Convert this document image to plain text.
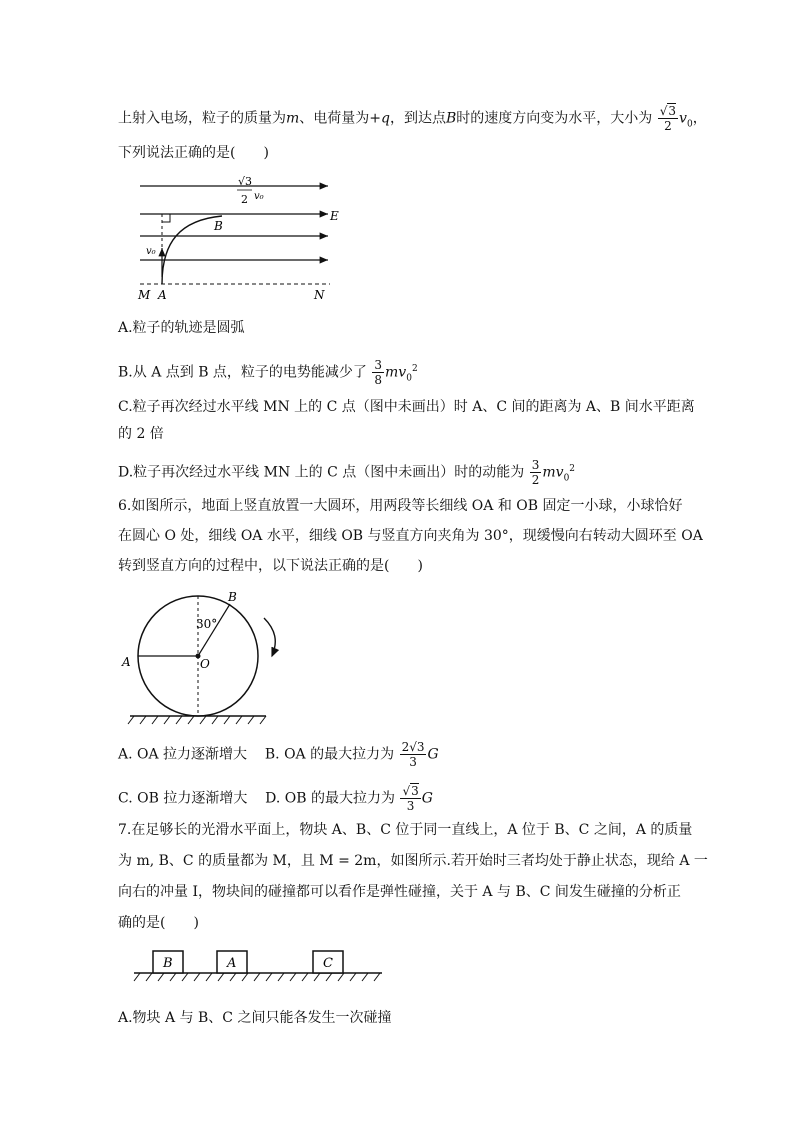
上射入电场，粒子的质量为m、电荷量为+q，到达点B时的速度方向变为水平，大小为 $\frac{√3}{2} v_0$，
下列说法正确的是(　　)
√3
2 v₀
E
B
v₀
M A	N
A.粒子的轨迹是圆弧
B.从 A 点到 B 点，粒子的电势能减少了 $\frac{3}{8} mv_0^2$
C.粒子再次经过水平线 MN 上的 C 点（图中未画出）时 A、C 间的距离为 A、B 间水平距离
的 2 倍
D.粒子再次经过水平线 MN 上的 C 点（图中未画出）时的动能为 $\frac{3}{2} mv_0^2$
6.如图所示，地面上竖直放置一大圆环，用两段等长细线 OA 和 OB 固定一小球，小球恰好
在圆心 O 处，细线 OA 水平，细线 OB 与竖直方向夹角为 30°，现缓慢向右转动大圆环至 OA
转到竖直方向的过程中，以下说法正确的是(　　)
A
B
O
30°
A. OA 拉力逐渐增大 B. OA 的最大拉力为 $\frac{2√3}{3}$ G
C. OB 拉力逐渐增大 D. OB 的最大拉力为 $\frac{√3}{3}$ G
7.在足够长的光滑水平面上，物块 A、B、C 位于同一直线上，A 位于 B、C 之间，A 的质量
为 m, B、C 的质量都为 M，且 M = 2m，如图所示.若开始时三者均处于静止状态，现给 A 一
向右的冲量 I，物块间的碰撞都可以看作是弹性碰撞，关于 A 与 B、C 间发生碰撞的分析正
确的是(　　)
B	A	C
A.物块 A 与 B、C 之间只能各发生一次碰撞
